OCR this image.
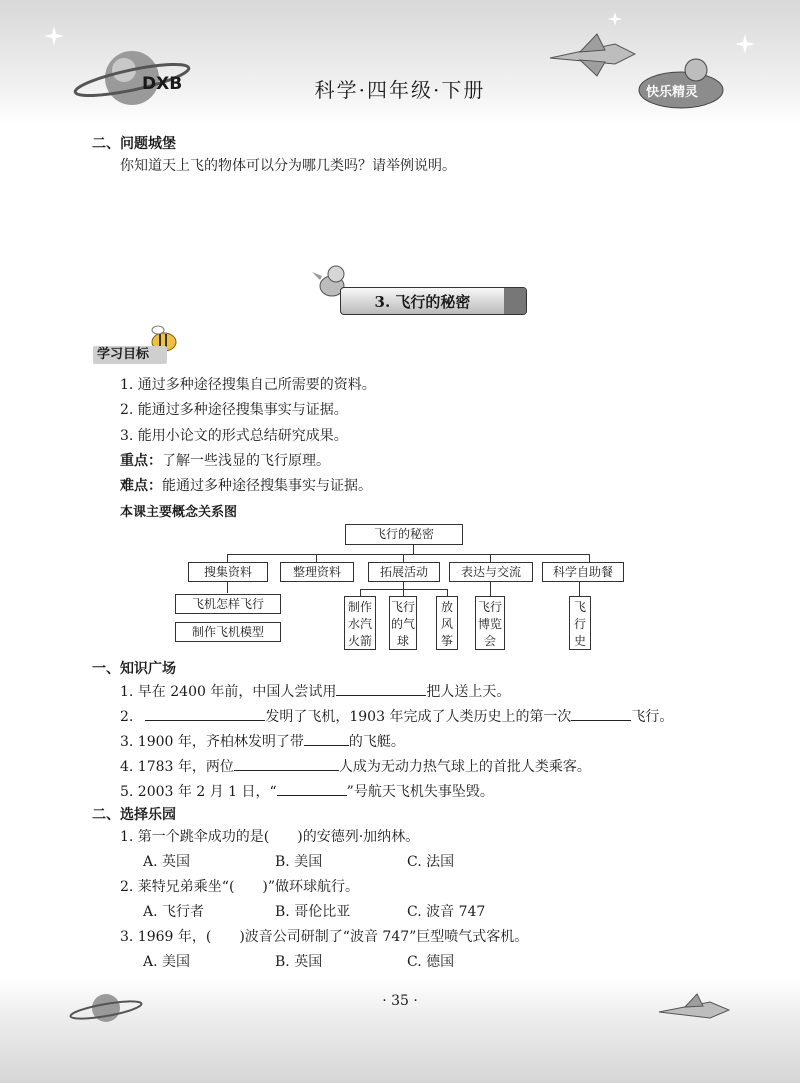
DXB	科学·四年级·下册	快乐精灵
二、问题城堡
你知道天上飞的物体可以分为哪几类吗？请举例说明。
3. 飞行的秘密
学习目标
1. 通过多种途径搜集自己所需要的资料。
2. 能通过多种途径搜集事实与证据。
3. 能用小论文的形式总结研究成果。
重点：了解一些浅显的飞行原理。
难点：能通过多种途径搜集事实与证据。
本课主要概念关系图
飞行的秘密
搜集资料	整理资料	拓展活动	表达与交流	科学自助餐
飞机怎样飞行
制作飞机模型
制作水汽火箭
飞行的气球
放风筝
飞行博览会
飞行史
一、知识广场
1. 早在 2400 年前，中国人尝试用	把人送上天。
2.	发明了飞机，1903 年完成了人类历史上的第一次	飞行。
3. 1900 年，齐柏林发明了带	的飞艇。
4. 1783 年，两位	人成为无动力热气球上的首批人类乘客。
5. 2003 年 2 月 1 日，“	”号航天飞机失事坠毁。
二、选择乐园
1. 第一个跳伞成功的是(　　)的安德列·加纳林。
A. 英国	B. 美国	C. 法国
2. 莱特兄弟乘坐“(　　)”做环球航行。
A. 飞行者	B. 哥伦比亚	C. 波音 747
3. 1969 年，(　　)波音公司研制了“波音 747”巨型喷气式客机。
A. 美国	B. 英国	C. 德国
· 35 ·
